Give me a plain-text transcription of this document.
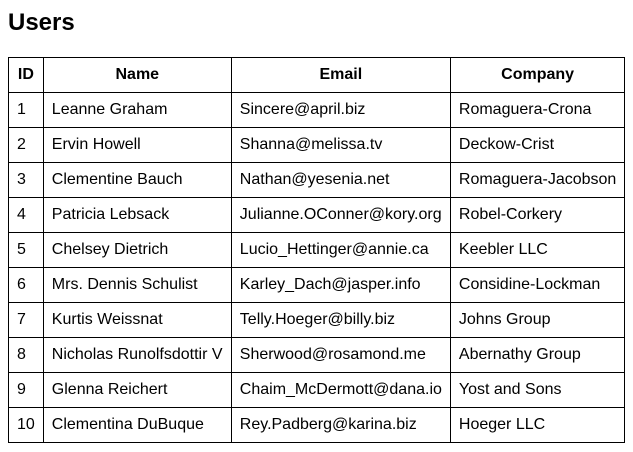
Users
ID	Name	Email	Company
1	Leanne Graham	Sincere@april.biz	Romaguera-Crona
2	Ervin Howell	Shanna@melissa.tv	Deckow-Crist
3	Clementine Bauch	Nathan@yesenia.net	Romaguera-Jacobson
4	Patricia Lebsack	Julianne.OConner@kory.org	Robel-Corkery
5	Chelsey Dietrich	Lucio_Hettinger@annie.ca	Keebler LLC
6	Mrs. Dennis Schulist	Karley_Dach@jasper.info	Considine-Lockman
7	Kurtis Weissnat	Telly.Hoeger@billy.biz	Johns Group
8	Nicholas Runolfsdottir V	Sherwood@rosamond.me	Abernathy Group
9	Glenna Reichert	Chaim_McDermott@dana.io	Yost and Sons
10	Clementina DuBuque	Rey.Padberg@karina.biz	Hoeger LLC
